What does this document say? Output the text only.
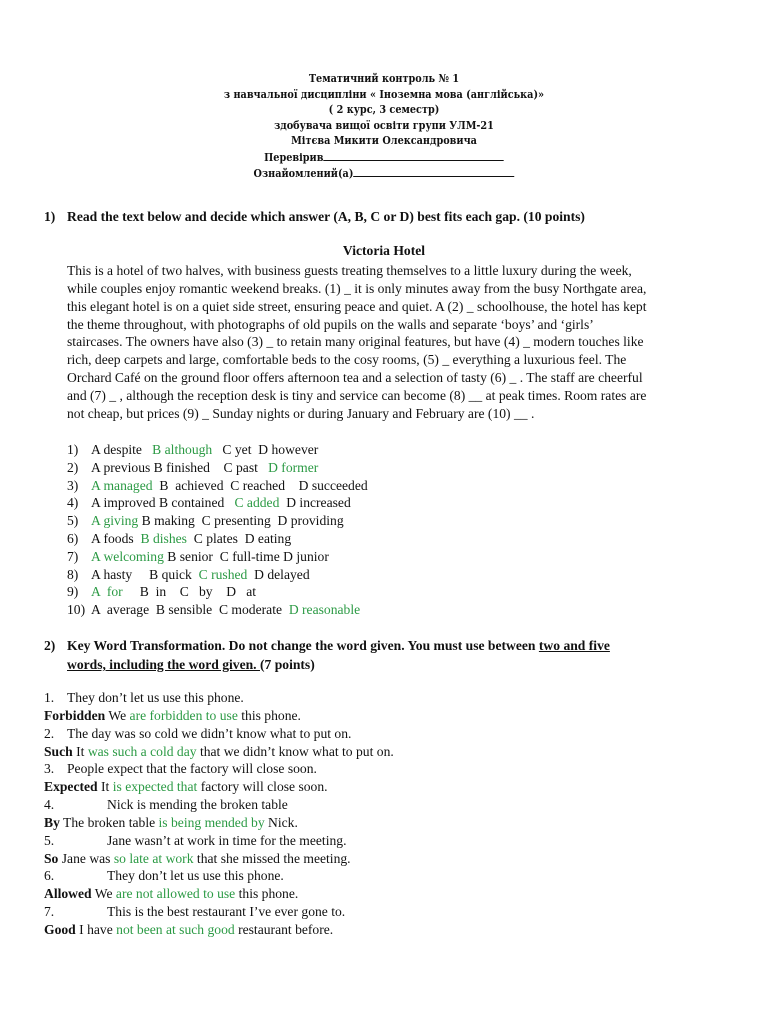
Тематичний контроль № 1
з навчальної дисципліни « Іноземна мова (англійська)»
( 2 курс, 3 семестр)
здобувача вищої освіти групи УЛМ-21
Мітєва Микити Олександровича
Перевірив
Ознайомлений(а)
1) Read the text below and decide which answer (A, B, C or D) best fits each gap. (10 points)
Victoria Hotel
This is a hotel of two halves, with business guests treating themselves to a little luxury during the week,
while couples enjoy romantic weekend breaks. (1) _ it is only minutes away from the busy Northgate area,
this elegant hotel is on a quiet side street, ensuring peace and quiet. A (2) _ schoolhouse, the hotel has kept
the theme throughout, with photographs of old pupils on the walls and separate ‘boys’ and ‘girls’
staircases. The owners have also (3) _ to retain many original features, but have (4) _ modern touches like
rich, deep carpets and large, comfortable beds to the cosy rooms, (5) _ everything a luxurious feel. The
Orchard Café on the ground floor offers afternoon tea and a selection of tasty (6) _ . The staff are cheerful
and (7) _ , although the reception desk is tiny and service can become (8) __ at peak times. Room rates are
not cheap, but prices (9) _ Sunday nights or during January and February are (10) __ .
1) A despite   B although   C yet  D however
2) A previous B finished    C past   D former
3) A managed  B  achieved  C reached    D succeeded
4) A improved B contained   C added  D increased
5) A giving B making  C presenting  D providing
6) A foods  B dishes  C plates  D eating
7) A welcoming B senior  C full-time D junior
8) A hasty     B quick  C rushed  D delayed
9) A  for     B  in    C   by    D   at
10) A  average  B sensible  C moderate  D reasonable
2) Key Word Transformation. Do not change the word given. You must use between two and five
words, including the word given. (7 points)
1. They don’t let us use this phone.
Forbidden We are forbidden to use this phone.
2. The day was so cold we didn’t know what to put on.
Such It was such a cold day that we didn’t know what to put on.
3. People expect that the factory will close soon.
Expected It is expected that factory will close soon.
4.	Nick is mending the broken table
By The broken table is being mended by Nick.
5.	Jane wasn’t at work in time for the meeting.
So Jane was so late at work that she missed the meeting.
6.	They don’t let us use this phone.
Allowed We are not allowed to use this phone.
7.	This is the best restaurant I’ve ever gone to.
Good I have not been at such good restaurant before.
